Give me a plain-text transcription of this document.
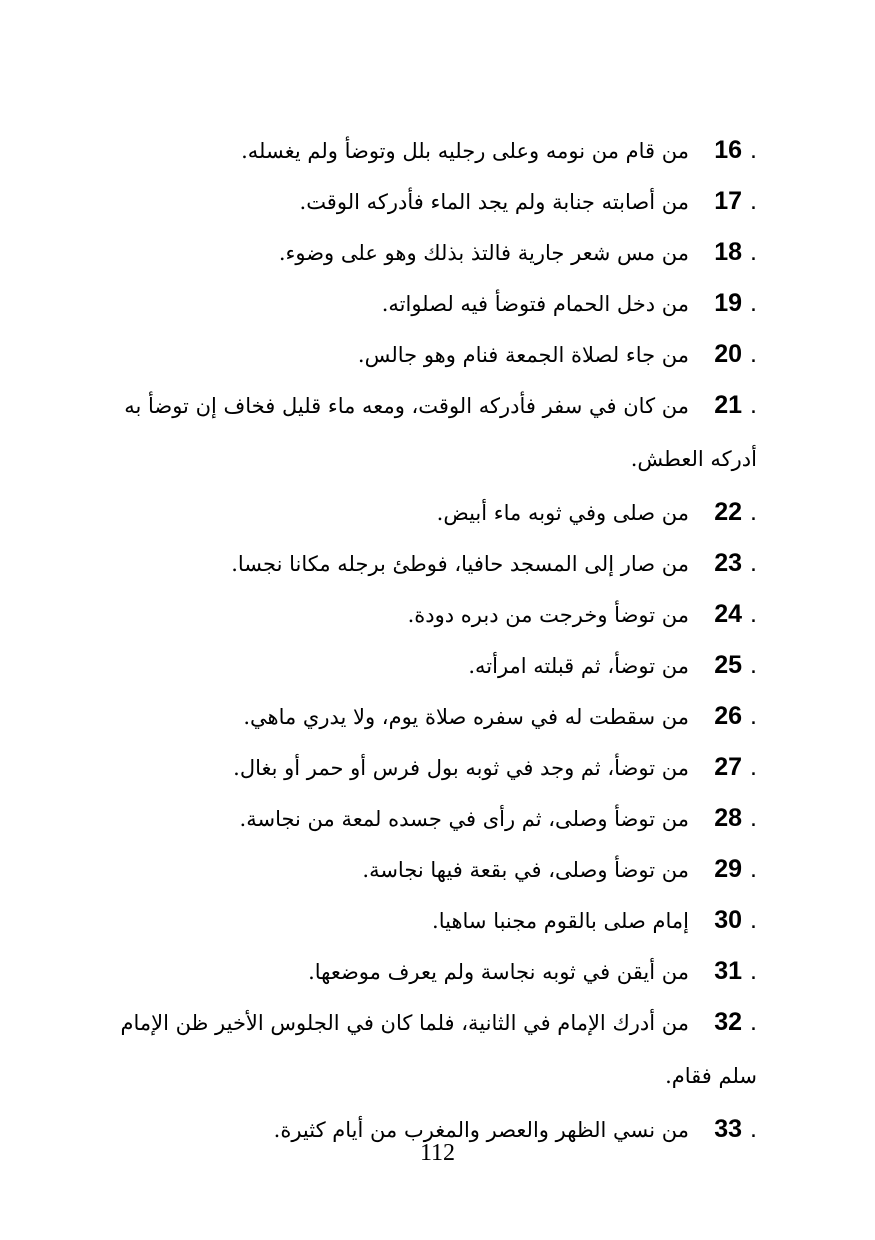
16 .
من قام من نومه وعلى رجليه بلل وتوضأ ولم يغسله.

17 .
من أصابته جنابة ولم يجد الماء فأدركه الوقت.

18 .
من مس شعر جارية فالتذ بذلك وهو على وضوء.

19 .
من دخل الحمام فتوضأ فيه لصلواته.

20 .
من جاء لصلاة الجمعة فنام وهو جالس.

21 .من كان في سفر فأدركه الوقت، ومعه ماء قليل فخاف إن توضأ به أدركه العطش.

22 .
من صلى وفي ثوبه ماء أبيض.

23 .
من صار إلى المسجد حافيا، فوطئ برجله مكانا نجسا.

24 .
من توضأ وخرجت من دبره دودة.

25 .
من توضأ، ثم قبلته امرأته.

26 .
من سقطت له في سفره صلاة يوم، ولا يدري ماهي.

27 .
من توضأ، ثم وجد في ثوبه بول فرس أو حمر أو بغال.

28 .
من توضأ وصلى، ثم رأى في جسده لمعة من نجاسة.

29 .
من توضأ وصلى، في بقعة فيها نجاسة.

30 .
إمام صلى بالقوم مجنبا ساهيا.

31 .
من أيقن في ثوبه نجاسة ولم يعرف موضعها.

32 .من أدرك الإمام في الثانية، فلما كان في الجلوس الأخير ظن الإمام سلم فقام.

33 .
من نسي الظهر والعصر والمغرب من أيام كثيرة.

112
